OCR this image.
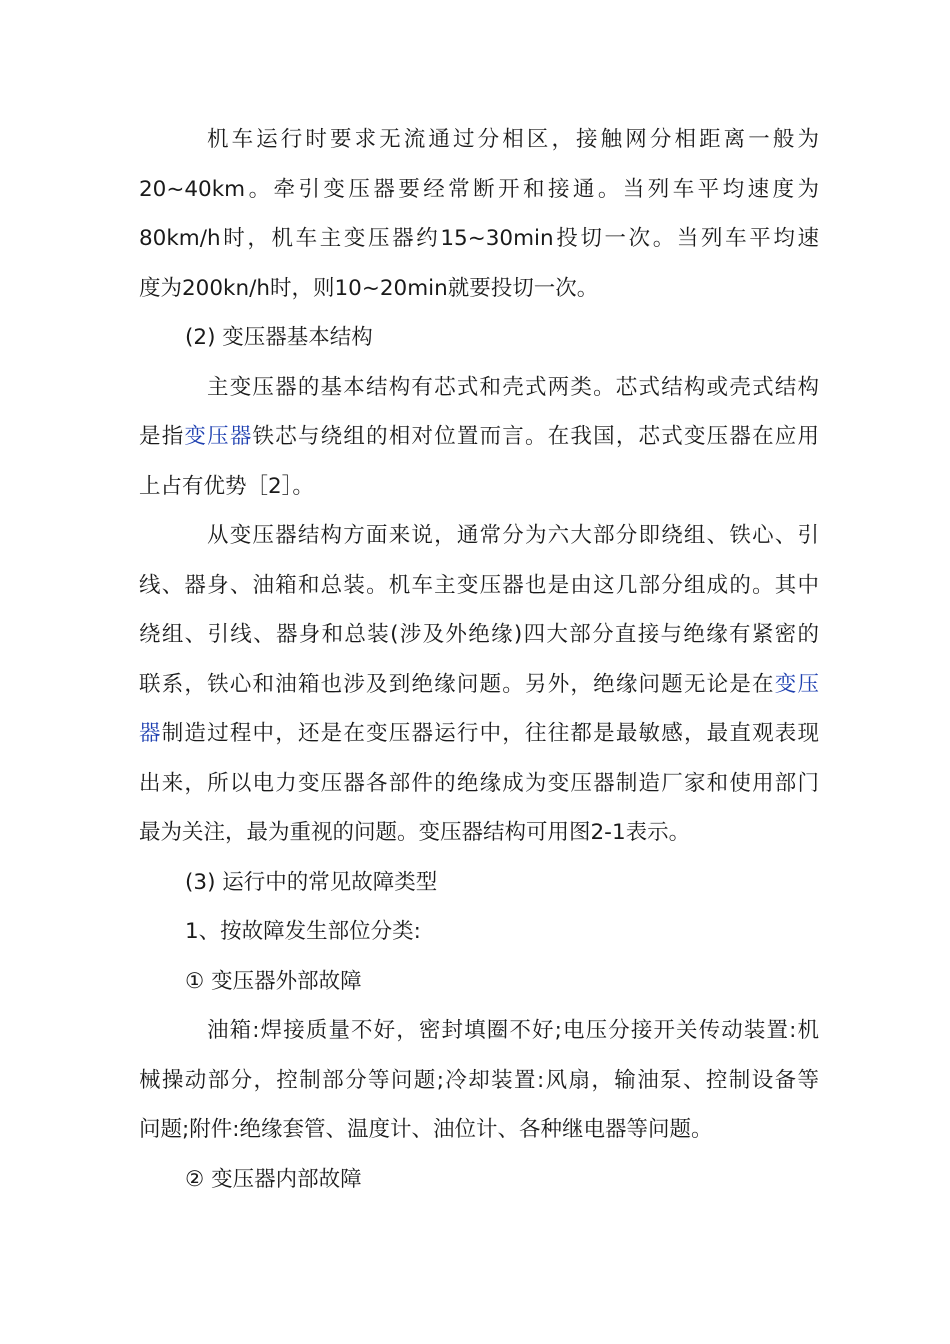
机车运行时要求无流通过分相区，接触网分相距离一般为

20~40km。牵引变压器要经常断开和接通。当列车平均速度为

80km/h时，机车主变压器约15~30min投切一次。当列车平均速

度为200kn/h时，则10~20min就要投切一次。

(2) 变压器基本结构

主变压器的基本结构有芯式和壳式两类。芯式结构或壳式结构

是指变压器铁芯与绕组的相对位置而言。在我国，芯式变压器在应用

上占有优势［2］。

从变压器结构方面来说，通常分为六大部分即绕组、铁心、引

线、器身、油箱和总装。机车主变压器也是由这几部分组成的。其中

绕组、引线、器身和总装(涉及外绝缘)四大部分直接与绝缘有紧密的

联系，铁心和油箱也涉及到绝缘问题。另外，绝缘问题无论是在变压

器制造过程中，还是在变压器运行中，往往都是最敏感，最直观表现

出来，所以电力变压器各部件的绝缘成为变压器制造厂家和使用部门

最为关注，最为重视的问题。变压器结构可用图2-1表示。

(3) 运行中的常见故障类型

1、按故障发生部位分类:

① 变压器外部故障

油箱:焊接质量不好，密封填圈不好;电压分接开关传动装置:机

械操动部分，控制部分等问题;冷却装置:风扇，输油泵、控制设备等

问题;附件:绝缘套管、温度计、油位计、各种继电器等问题。

② 变压器内部故障
